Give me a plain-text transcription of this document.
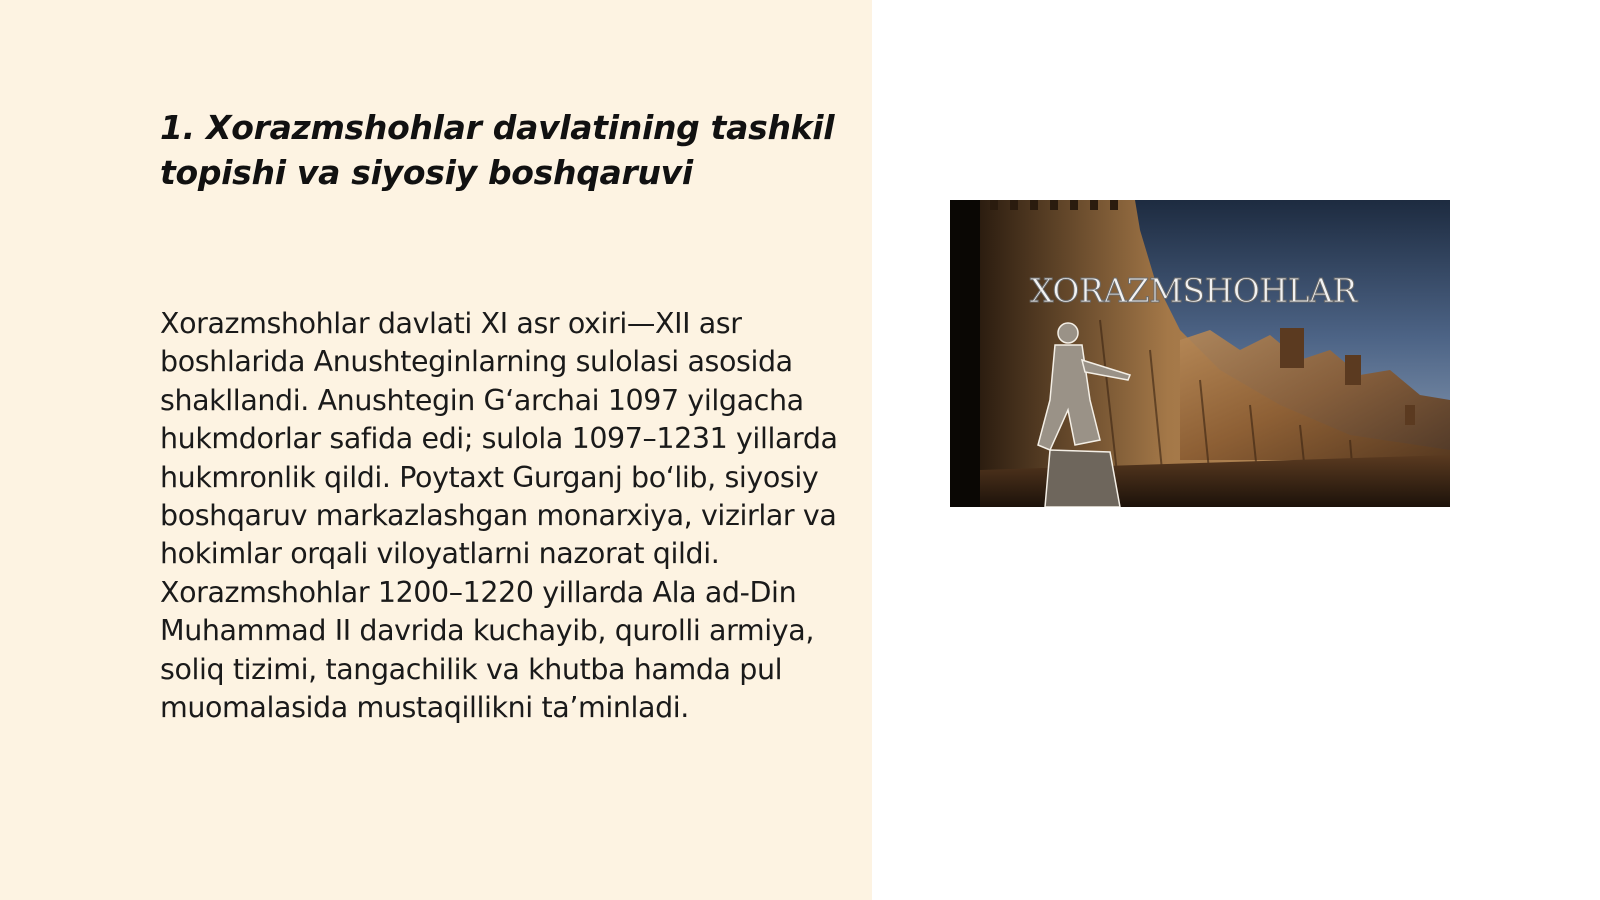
1. Xorazmshohlar davlatining tashkil topishi va siyosiy boshqaruvi

Xorazmshohlar davlati XI asr oxiri—XII asr boshlarida Anushteginlarning sulolasi asosida shakllandi. Anushtegin G‘archai 1097 yilgacha hukmdorlar safida edi; sulola 1097–1231 yillarda hukmronlik qildi. Poytaxt Gurganj bo‘lib, siyosiy boshqaruv markazlashgan monarxiya, vizirlar va hokimlar orqali viloyatlarni nazorat qildi. Xorazmshohlar 1200–1220 yillarda Ala ad-Din Muhammad II davrida kuchayib, qurolli armiya, soliq tizimi, tangachilik va khutba hamda pul muomalasida mustaqillikni ta’minladi.

XORAZMSHOHLAR
